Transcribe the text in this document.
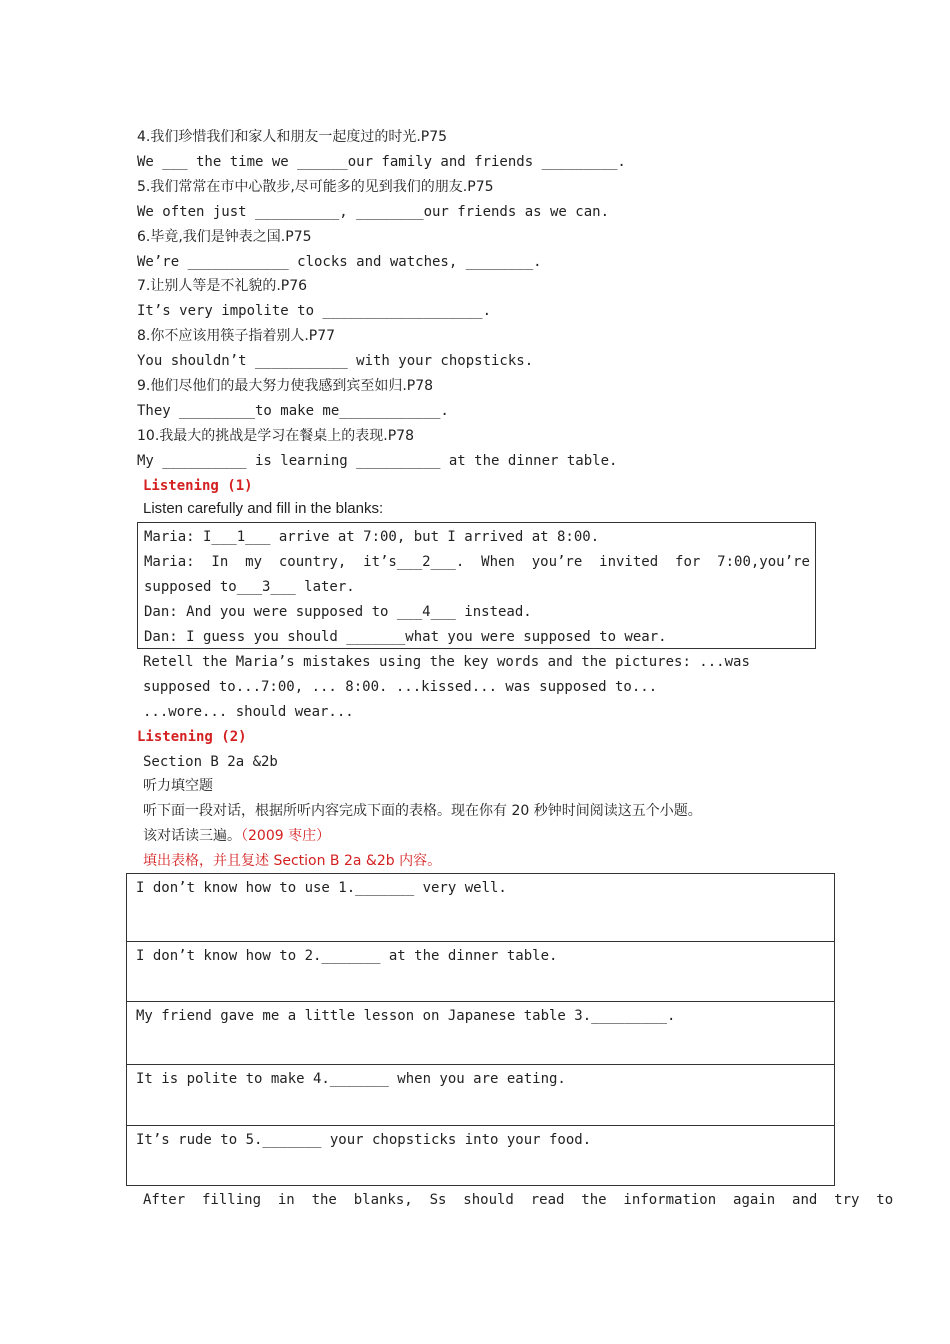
4.我们珍惜我们和家人和朋友一起度过的时光.P75
We ___ the time we ______our family and friends _________.
5.我们常常在市中心散步,尽可能多的见到我们的朋友.P75
We often just __________, ________our friends as we can.
6.毕竟,我们是钟表之国.P75
We’re ____________ clocks and watches, ________.
7.让别人等是不礼貌的.P76
It’s very impolite to ___________________.
8.你不应该用筷子指着别人.P77
You shouldn’t ___________ with your chopsticks.
9.他们尽他们的最大努力使我感到宾至如归.P78
They _________to make me____________.
10.我最大的挑战是学习在餐桌上的表现.P78
My __________ is learning __________ at the dinner table.
Listening (1)
Listen carefully and fill in the blanks:
Maria: I___1___ arrive at 7:00, but I arrived at 8:00.
Maria:  In  my  country,  it’s___2___.  When  you’re  invited  for  7:00,you’re
supposed to___3___ later.
Dan: And you were supposed to ___4___ instead.
Dan: I guess you should _______what you were supposed to wear.
Retell the Maria’s mistakes using the key words and the pictures: ...was
supposed to...7:00, ... 8:00. ...kissed... was supposed to...
...wore... should wear...
Listening (2)
Section B 2a &2b
听力填空题
听下面一段对话，根据所听内容完成下面的表格。现在你有 20 秒钟时间阅读这五个小题。
该对话读三遍。（2009 枣庄）
填出表格，并且复述 Section B 2a &2b 内容。
I don’t know how to use 1._______ very well.
I don’t know how to 2._______ at the dinner table.
My friend gave me a little lesson on Japanese table 3._________.
It is polite to make 4._______ when you are eating.
It’s rude to 5._______ your chopsticks into your food.
After  filling  in  the  blanks,  Ss  should  read  the  information  again  and  try  to
